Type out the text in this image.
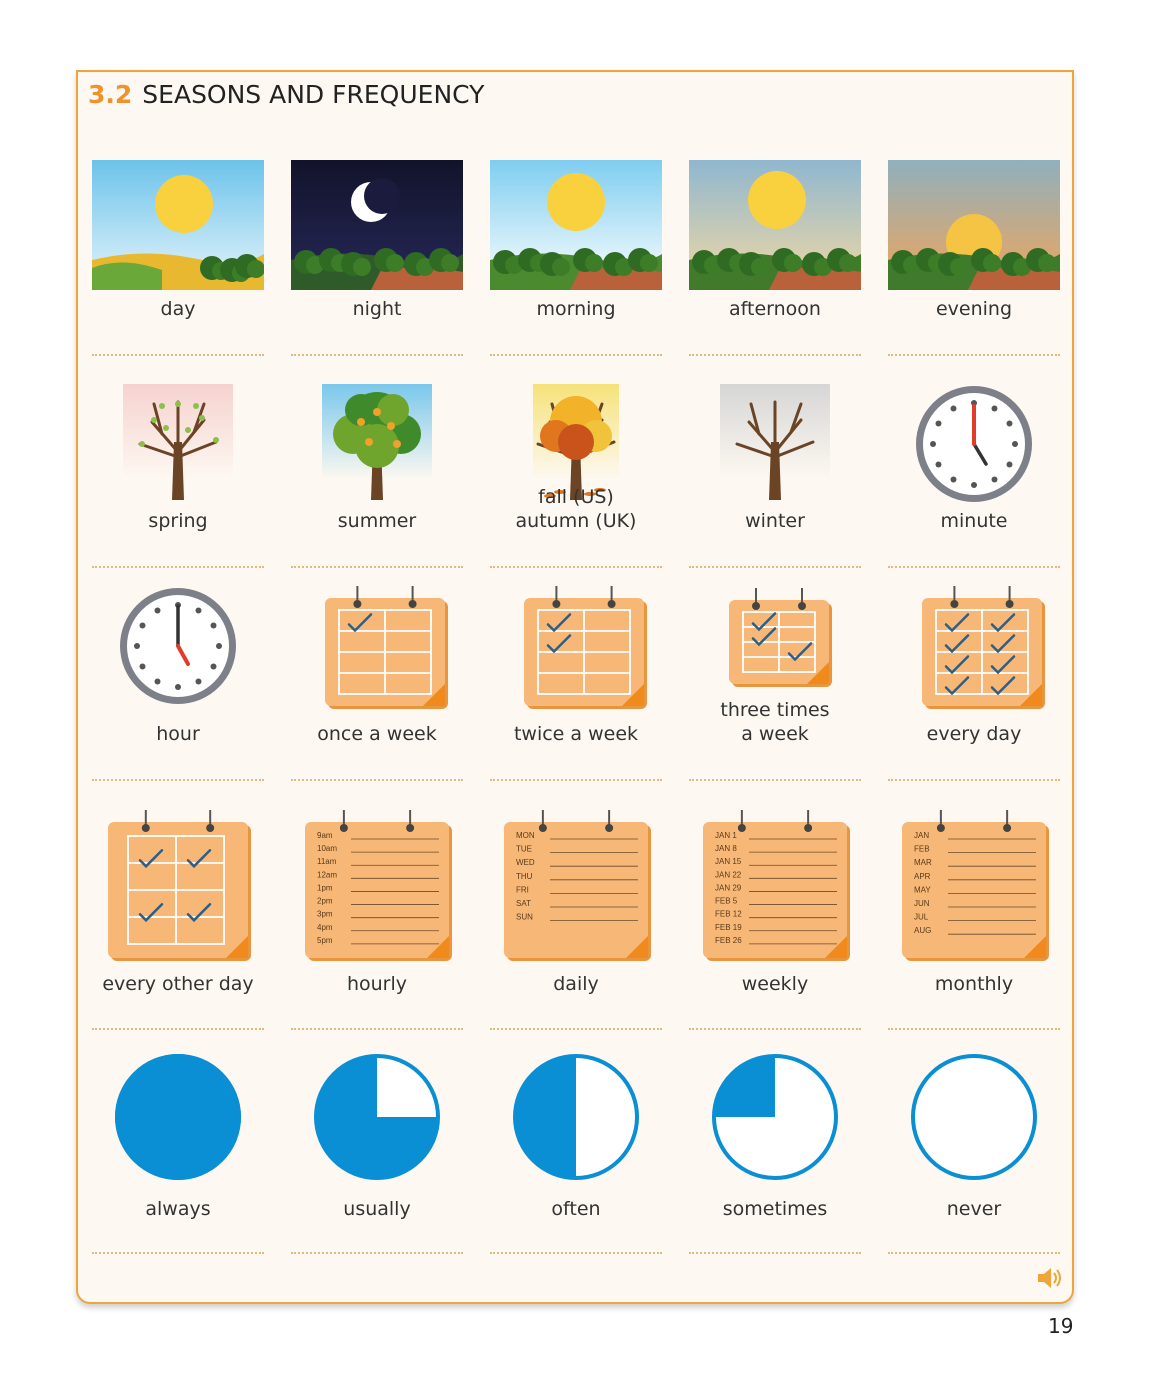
3.2 SEASONS AND FREQUENCY
day	night	morning	afternoon	evening
spring	summer
fall (US)
autumn (UK)	winter	minute
hour	once a week	twice a week
three times
a week	every day
every other day
9am
10am
11am
12am
1pm
2pm
3pm
4pm
5pm
hourly
MON
TUE
WED
THU
FRI
SAT
SUN
daily
JAN 1
JAN 8
JAN 15
JAN 22
JAN 29
FEB 5
FEB 12
FEB 19
FEB 26
weekly
JAN
FEB
MAR
APR
MAY
JUN
JUL
AUG
monthly
always	usually	often	sometimes	never
19
